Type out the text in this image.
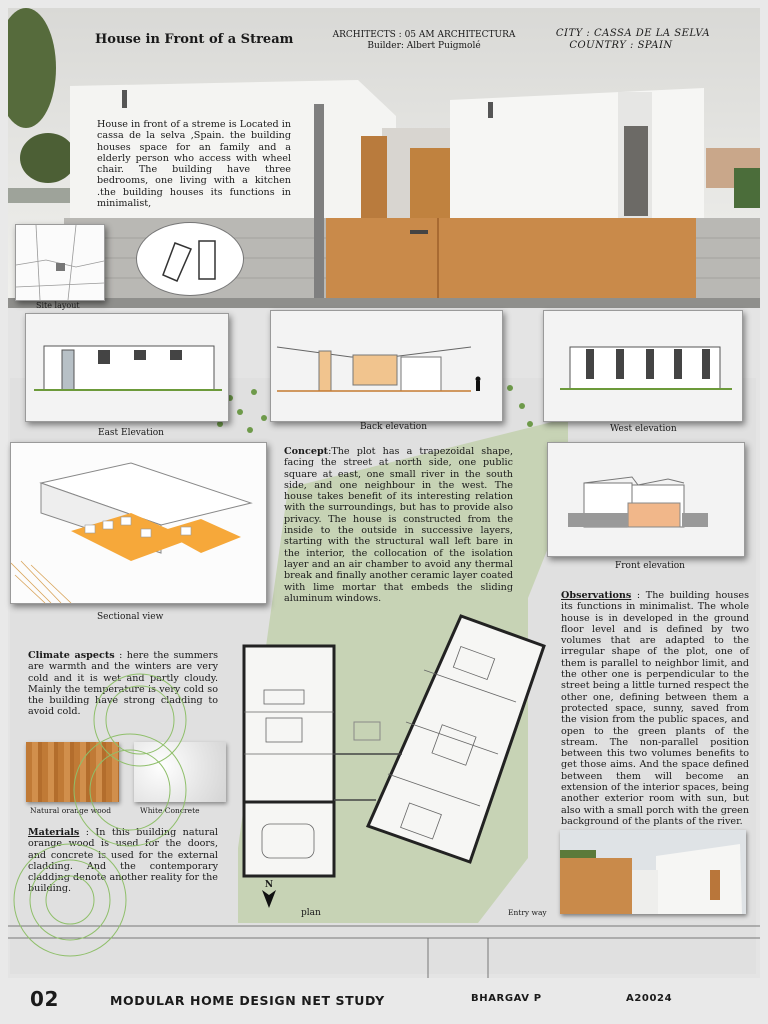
House in Front of a Stream	ARCHITECTS : 05 AM ARCHITECTURA
Builder: Albert Puigmolé
CITY : CASSA DE LA SELVA
COUNTRY : SPAIN
House in front of a streme is Located in cassa de la selva ,Spain. the building houses space for an family and a elderly person who access with wheel chair. The building have three bedrooms, one living with a kitchen .the building houses its functions in minimalist,
Site layout
East Elevation
Back elevation	West elevation
Sectional view
Concept:The plot has a trapezoidal shape, facing the street at north side, one public square at east, one small river in the south side, and one neighbour in the west. The house takes benefit of its interesting relation with the surroundings, but has to provide also privacy. The house is constructed from the inside to the outside in successive layers, starting with the structural wall left bare in the interior, the collocation of the isolation layer and an air chamber to avoid any thermal break and finally another ceramic layer coated with lime mortar that embeds the sliding aluminum windows.
Front elevation
Climate aspects : here the summers are warmth and the winters are very cold and it is wet and partly cloudy. Mainly the temperature is very cold so the building have strong cladding to avoid cold.
Natural orange wood	White Concrete
Materials : In this building natural orange wood is used for the doors, and concrete is used for the external cladding. And the contemporary cladding denote another reality for the building.	N
plan	Entry way
Observations : The building houses its functions in minimalist. The whole house is in developed in the ground floor level and is defined by two volumes that are adapted to the irregular shape of the plot, one of them is parallel to neighbor limit, and the other one is perpendicular to the street being a little turned respect the other one, defining between them a protected space, sunny, saved from the vision from the public spaces, and open to the green plants of the stream. The non-parallel position between this two volumes benefits to get those aims. And the space defined between them will become an extension of the interior spaces, being another exterior room with sun, but also with a small porch with the green background of the plants of the river.
02	MODULAR HOME DESIGN NET STUDY	BHARGAV P	A20024
